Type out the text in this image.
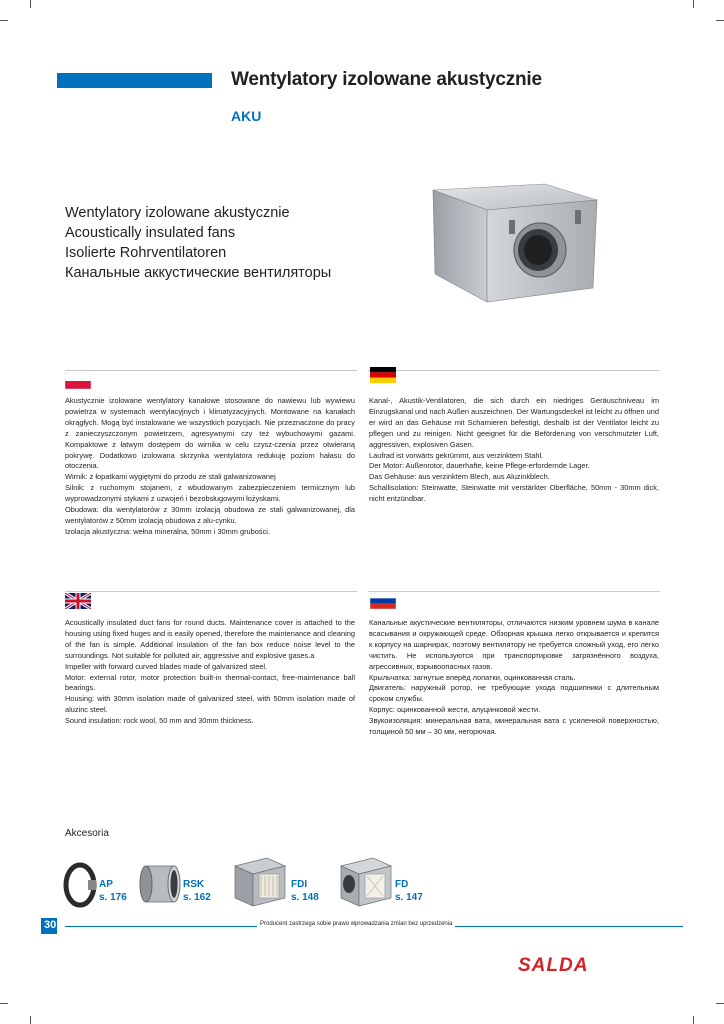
Wentylatory izolowane akustycznie
AKU
Wentylatory izolowane akustycznie
Acoustically insulated fans
Isolierte Rohrventilatoren
Канальные аккустические вентиляторы
Akustycznie izolowane wentylatory kanałowe stosowane do nawiewu lub wywiewu powietrza w systemach wentylacyjnych i klimatyzacyjnych. Montowane na kanałach okrągłych. Mogą być instalowane we wszystkich pozycjach. Nie przeznaczone do pracy z zanieczyszczonym powietrzem, agresywnymi czy też wybuchowymi gazami. Kompaktowe z łatwym dostępem do wirnika w celu czysz-czenia przez otwieraną pokrywę. Dodatkowo izolowana skrzynka wentylatora redukuję poziom hałasu do otoczenia.
Wirnik: z łopatkami wygiętymi do przodu ze stali galwanizowanej
Silnik: z ruchomym stojanem, z wbudowanym zabezpieczeniem termicznym lub wyprowadzonymi stykami z uzwojeń i bezobsługowymi łożyskami.
Obudowa: dla wentylatorów z 30mm izolacją obudowa ze stali galwanizowanej, dla wentylatorów z 50mm izolacją obudowa z alu-cynku.
Izolacja akustyczna: wełna mineralna, 50mm i 30mm grubości.
Kanal-, Akustik-Ventilatoren, die sich durch ein niedriges Geräuschniveau im Einzugskanal und nach Außen auszeichnen. Der Wartungsdeckel ist leicht zu öffnen und er wird an das Gehäuse mit Scharnieren befestigt, deshalb ist der Ventilator leicht zu pflegen und zu reinigen. Nicht geeignet für die Beförderung von verschmutzter Luft, aggressiven, explosiven Gasen.
Laufrad ist vorwärts gekrümmt, aus verzinktem Stahl.
Der Motor: Außenrotor, dauerhafte, keine Pflege-erfordernde Lager.
Das Gehäuse: aus verzinktem Blech, aus Aluzinkblech.
Schallisolation: Steinwatte, Steinwatte mit verstärkter Oberfläche, 50mm - 30mm dick, nicht entzündbar.
Acoustically insulated duct fans for round ducts. Maintenance cover is attached to the housing using fixed huges and is easily opened, therefore the maintenance and cleaning of the fan is simple. Additional insulation of the fan box reduce noise level to the surroundings. Not suitable for polluted air, aggressive and explosive gases.a
Impeller with forward curved blades made of galvanized steel.
Motor: external rotor, motor protection built-in thermal-contact, free-maintenance ball bearings.
Housing: with 30mm isolation made of galvanized steel, with 50mm isolation made of aluzinc steel.
Sound insulation: rock wool, 50 mm and 30mm thickness.
Канальные акустические вентиляторы, отличаются низким уровнем шума в канале всасывания и окружающей среде. Обзорная крышка легко открывается и крепится к корпусу на шарнирах, поэтому вентилятору не требуется сложный уход, его легко чистить. Не используются при транспортировке загрязнённого воздуха, агрессивных, взрывоопасных газов.
Крыльчатка: загнутые вперёд лопатки, оцинкованная сталь.
Двигатель: наружный ротор, не требующие ухода подшипники с длительным сроком службы.
Корпус: оцинкованной жести, алуцинковой жести.
Звукоизоляция: минеральная вата, минеральная вата с усиленной поверхностью, толщиной 50 мм – 30 мм, негорючая.
Akcesoria
AP
s. 176
RSK
s. 162
FDI
s. 148
FD
s. 147
30	Producent zastrzega sobie prawo wprowadzania zmian bez uprzedzenia
SALDA
